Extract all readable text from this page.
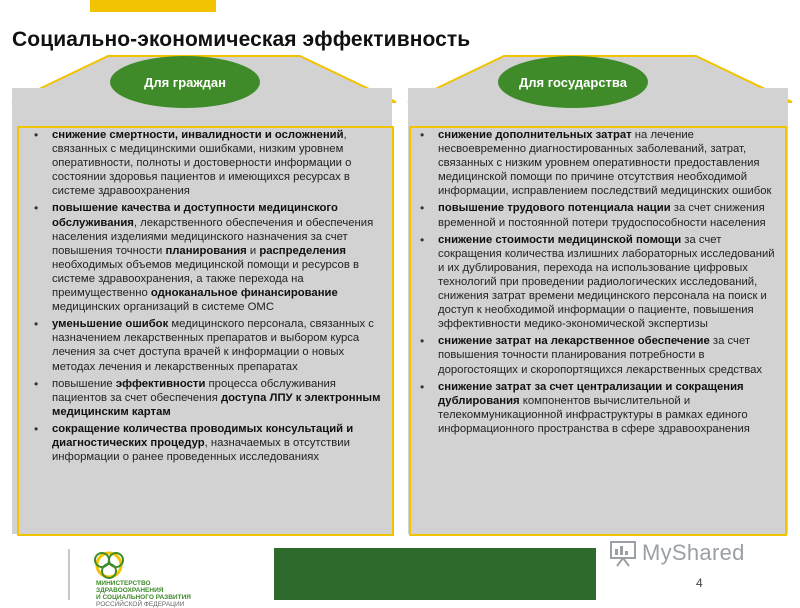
Социально-экономическая эффективность
Для граждан	Для государства
•	снижение смертности, инвалидности и осложнений, связанных с медицинскими ошибками, низким уровнем оперативности, полноты и достоверности информации о состоянии здоровья пациентов и имеющихся ресурсах в системе здравоохранения
•	повышение качества и доступности медицинского обслуживания, лекарственного обеспечения и обеспечения населения изделиями медицинского назначения за счет повышения точности планирования и распределения необходимых объемов медицинской помощи и ресурсов в системе здравоохранения, а также перехода на преимущественно одноканальное финансирование медицинских организаций в системе ОМС
•	уменьшение ошибок медицинского персонала, связанных с назначением лекарственных препаратов и выбором курса лечения за счет доступа врачей к информации о новых методах лечения и лекарственных препаратах
•	повышение эффективности процесса обслуживания пациентов за счет обеспечения доступа ЛПУ к электронным медицинским картам
•	сокращение количества проводимых консультаций и диагностических процедур, назначаемых в отсутствии информации о ранее проведенных исследованиях
•	снижение дополнительных затрат на лечение несвоевременно диагностированных заболеваний, затрат, связанных с низким уровнем оперативности предоставления медицинской помощи по причине отсутствия необходимой информации, исправлением последствий медицинских ошибок
•	повышение трудового потенциала нации за счет снижения временной и постоянной потери трудоспособности населения
•	снижение стоимости медицинской помощи за счет сокращения количества излишних лабораторных исследований и их дублирования, перехода на использование цифровых технологий при проведении радиологических исследований, снижения затрат времени медицинского персонала на поиск и доступ к необходимой информации о пациенте, повышения эффективности медико-экономической экспертизы
•	снижение затрат на лекарственное обеспечение за счет повышения точности планирования потребности в дорогостоящих и скоропортящихся лекарственных средствах
•	снижение затрат за счет централизации и сокращения дублирования компонентов вычислительной и телекоммуникационной инфраструктуры в рамках единого информационного пространства в сфере здравоохранения
МИНИСТЕРСТВО
ЗДРАВООХРАНЕНИЯ
И СОЦИАЛЬНОГО РАЗВИТИЯ
РОССИЙСКОЙ ФЕДЕРАЦИИ
MyShared
4
